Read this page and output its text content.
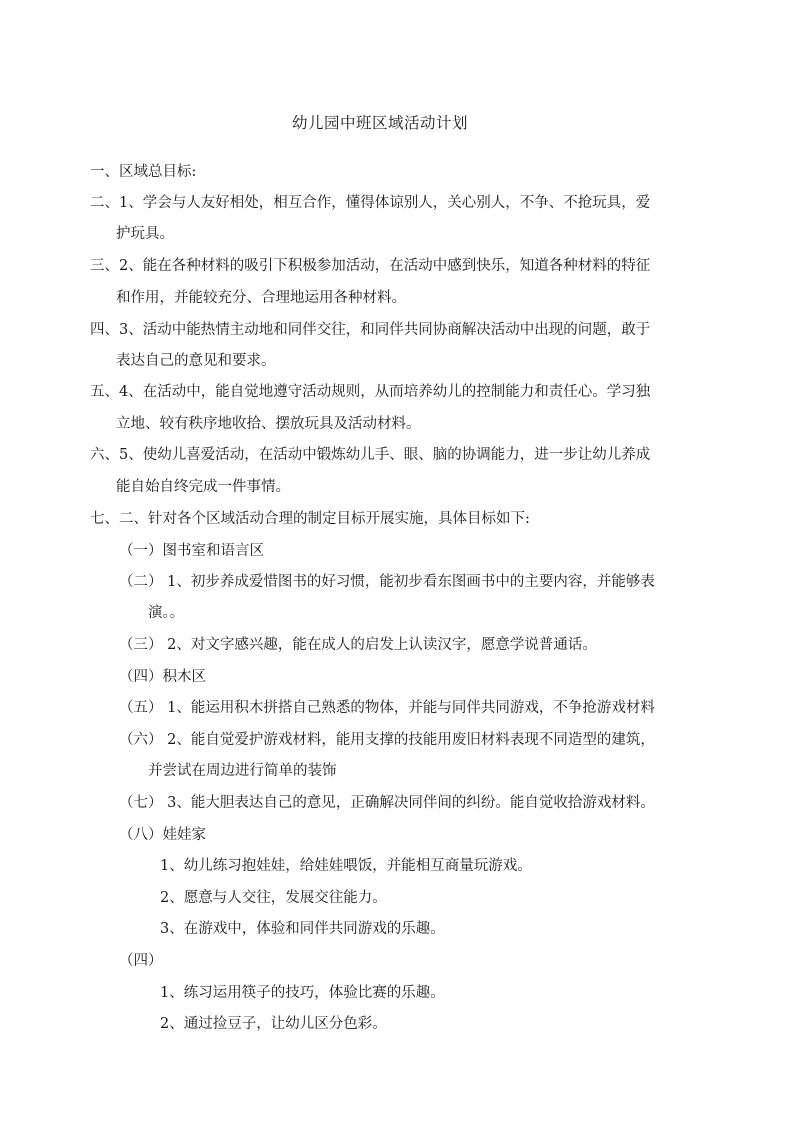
幼儿园中班区域活动计划
一、区域总目标:
二、1、学会与人友好相处，相互合作，懂得体谅别人，关心别人，不争、不抢玩具，爱
护玩具。
三、2、能在各种材料的吸引下积极参加活动，在活动中感到快乐，知道各种材料的特征
和作用，并能较充分、合理地运用各种材料。
四、3、活动中能热情主动地和同伴交往，和同伴共同协商解决活动中出现的问题，敢于
表达自己的意见和要求。
五、4、在活动中，能自觉地遵守活动规则，从而培养幼儿的控制能力和责任心。学习独
立地、较有秩序地收拾、摆放玩具及活动材料。
六、5、使幼儿喜爱活动，在活动中锻炼幼儿手、眼、脑的协调能力，进一步让幼儿养成
能自始自终完成一件事情。
七、二、针对各个区域活动合理的制定目标开展实施，具体目标如下:
（一）图书室和语言区
（二） 1、初步养成爱惜图书的好习惯，能初步看东图画书中的主要内容，并能够表
演。。
（三） 2、对文字感兴趣，能在成人的启发上认读汉字，愿意学说普通话。
（四）积木区
（五） 1、能运用积木拼搭自己熟悉的物体，并能与同伴共同游戏，不争抢游戏材料
（六） 2、能自觉爱护游戏材料，能用支撑的技能用废旧材料表现不同造型的建筑，
并尝试在周边进行简单的装饰
（七） 3、能大胆表达自己的意见，正确解决同伴间的纠纷。能自觉收拾游戏材料。
（八）娃娃家
1、幼儿练习抱娃娃，给娃娃喂饭，并能相互商量玩游戏。
2、愿意与人交往，发展交往能力。
3、在游戏中，体验和同伴共同游戏的乐趣。
（四）
1、练习运用筷子的技巧，体验比赛的乐趣。
2、通过捡豆子，让幼儿区分色彩。
